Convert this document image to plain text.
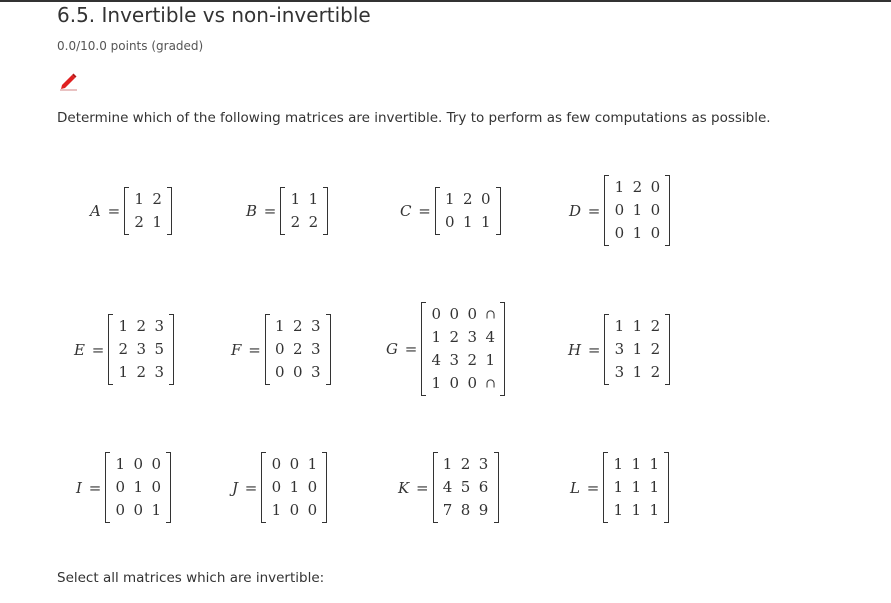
6.5. Invertible vs non-invertible
0.0/10.0 points (graded)
Determine which of the following matrices are invertible. Try to perform as few computations as possible.
A =
1 2
2 1
B =
1 1
2 2
C =
1 2 0
0 1 1
D =
1 2 0
0 1 0
0 1 0
E =
1 2 3
2 3 5
1 2 3
F =
1 2 3
0 2 3
0 0 3
G =
0 0 0 ⊂
1 2 3 4
4 3 2 1
1 0 0 ⊂
H =
1 1 2
3 1 2
3 1 2
I =
1 0 0
0 1 0
0 0 1
J =
0 0 1
0 1 0
1 0 0
K =
1 2 3
4 5 6
7 8 9
L =
1 1 1
1 1 1
1 1 1
Select all matrices which are invertible:
